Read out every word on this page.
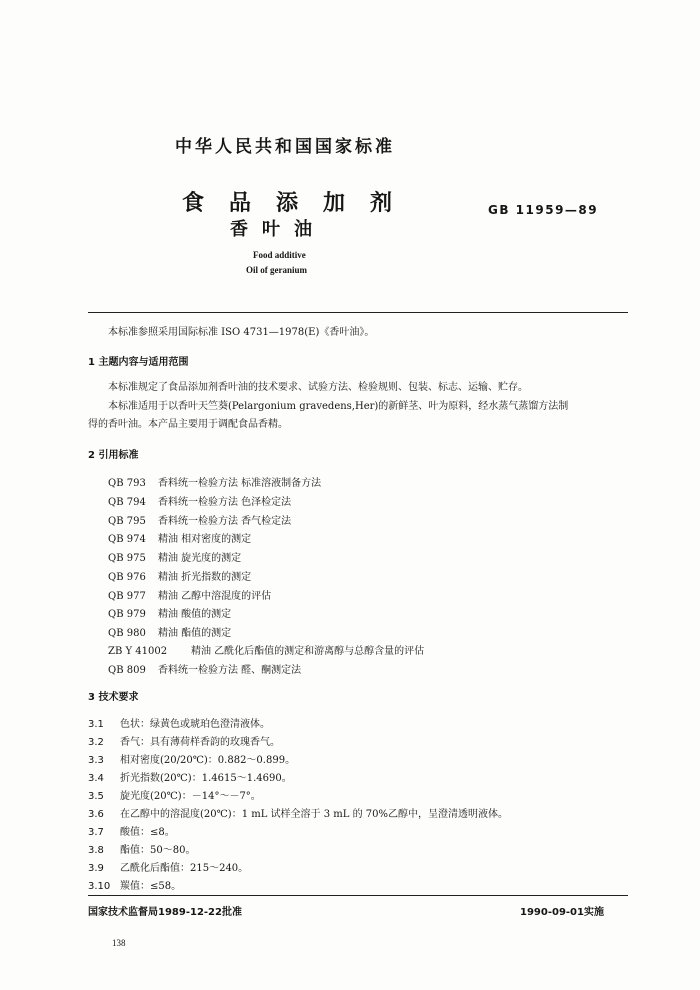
中华人民共和国国家标准
食 品 添 加 剂
香叶油
GB 11959—89
Food additive
Oil of geranium
本标准参照采用国际标准 ISO 4731—1978(E)《香叶油》。
1 主题内容与适用范围
本标准规定了食品添加剂香叶油的技术要求、试验方法、检验规则、包装、标志、运输、贮存。
本标准适用于以香叶天竺葵(Pelargonium gravedens,Her)的新鲜茎、叶为原料，经水蒸气蒸馏方法制
得的香叶油。本产品主要用于调配食品香精。
2 引用标准
QB 793 香料统一检验方法 标准溶液制备方法
QB 794 香料统一检验方法 色泽检定法
QB 795 香料统一检验方法 香气检定法
QB 974 精油 相对密度的测定
QB 975 精油 旋光度的测定
QB 976 精油 折光指数的测定
QB 977 精油 乙醇中溶混度的评估
QB 979 精油 酸值的测定
QB 980 精油 酯值的测定
ZB Y 41002 精油 乙酰化后酯值的测定和游离醇与总醇含量的评估
QB 809 香料统一检验方法 醛、酮测定法
3 技术要求
3.1 色状：绿黄色或琥珀色澄清液体。
3.2 香气：具有薄荷样香韵的玫瑰香气。
3.3 相对密度(20/20℃)：0.882～0.899。
3.4 折光指数(20℃)：1.4615～1.4690。
3.5 旋光度(20℃)：－14°～－7°。
3.6 在乙醇中的溶混度(20℃)：1 mL 试样全溶于 3 mL 的 70%乙醇中，呈澄清透明液体。
3.7 酸值：≤8。
3.8 酯值：50～80。
3.9 乙酰化后酯值：215～240。
3.10 羰值：≤58。
国家技术监督局1989-12-22批准	1990-09-01实施
138
